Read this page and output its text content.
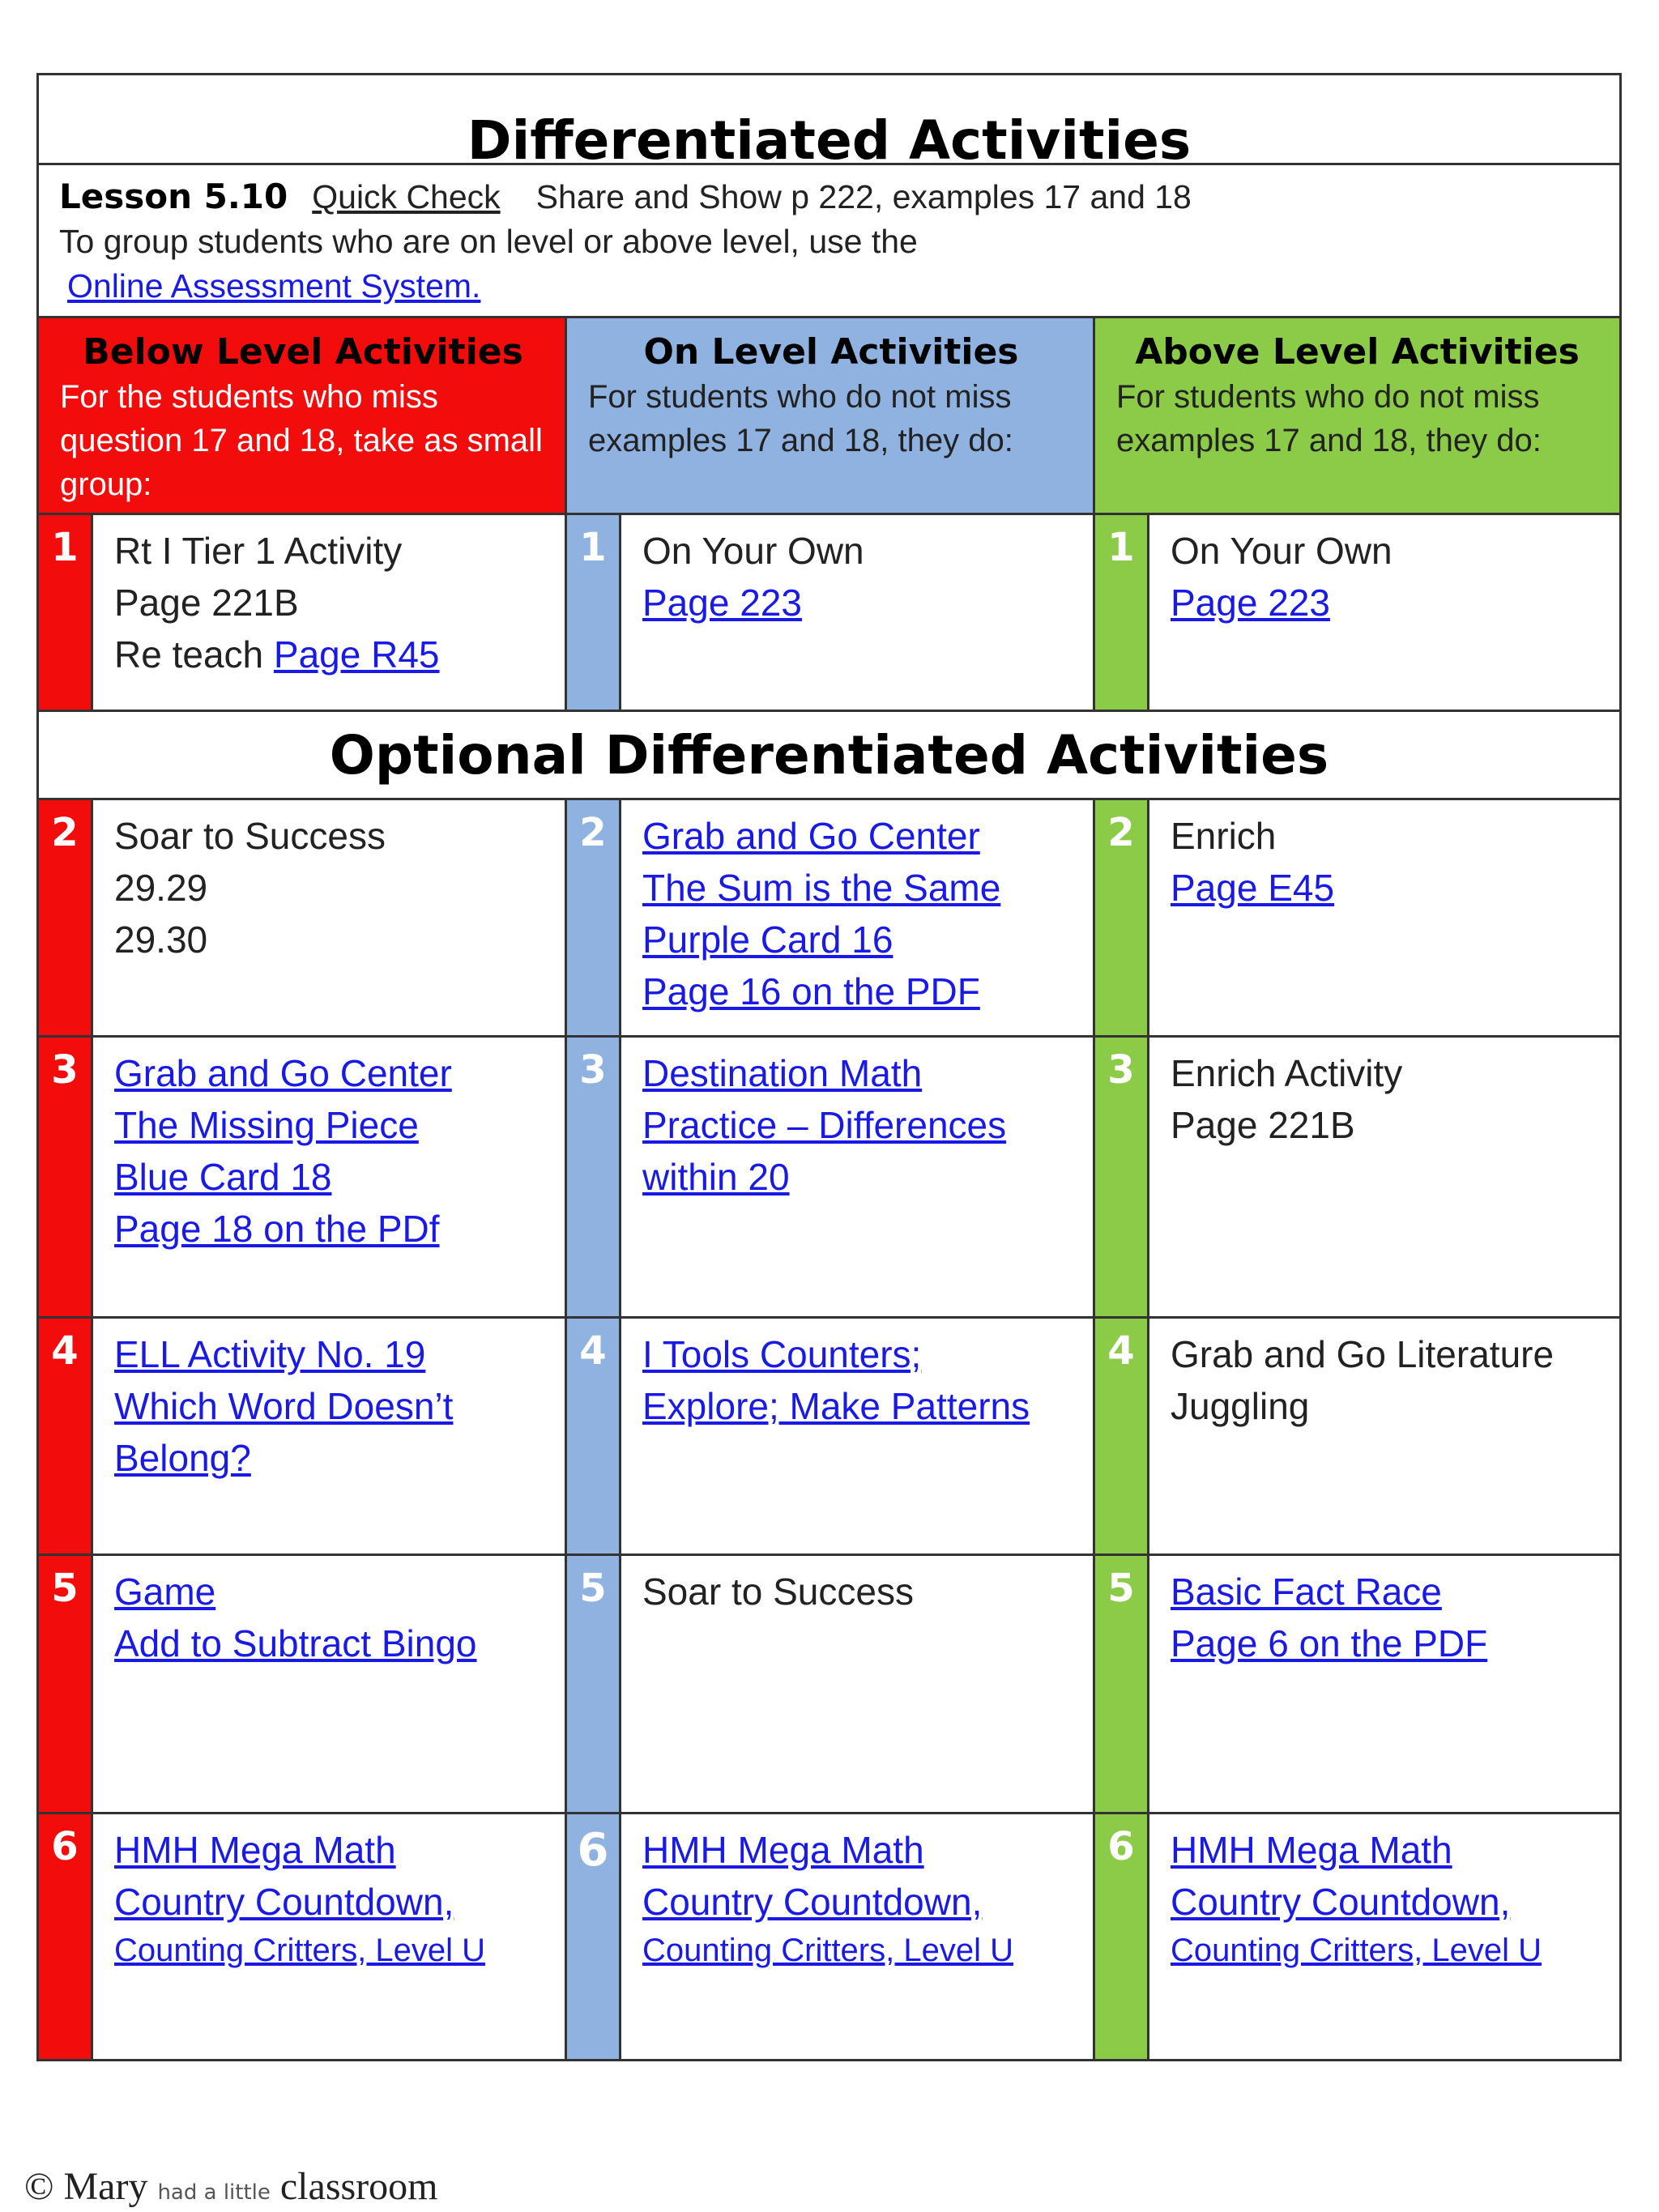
Differentiated Activities
Lesson 5.10 Quick Check Share and Show p 222, examples 17 and 18
To group students who are on level or above level, use the
Online Assessment System.
Below Level Activities
For the students who miss question 17 and 18, take as small group:
On Level Activities
For students who do not miss examples 17 and 18, they do:
Above Level Activities
For students who do not miss examples 17 and 18, they do:
1 Rt I Tier 1 Activity
Page 221B
Re teach Page R45
1 On Your Own
Page 223
1 On Your Own
Page 223
Optional Differentiated Activities
2 Soar to Success
29.29
29.30
2 Grab and Go Center
The Sum is the Same
Purple Card 16
Page 16 on the PDF
2 Enrich
Page E45
3 Grab and Go Center
The Missing Piece
Blue Card 18
Page 18 on the PDf
3 Destination Math
Practice – Differences
within 20
3 Enrich Activity
Page 221B
4 ELL Activity No. 19
Which Word Doesn’t
Belong?
4 I Tools Counters;
Explore; Make Patterns
4 Grab and Go Literature
Juggling
5 Game
Add to Subtract Bingo
5 Soar to Success	5 Basic Fact Race
Page 6 on the PDF
6 HMH Mega Math
Country Countdown,
Counting Critters, Level U
6 HMH Mega Math
Country Countdown,
Counting Critters, Level U
6 HMH Mega Math
Country Countdown,
Counting Critters, Level U
© Mary had a little classroom
